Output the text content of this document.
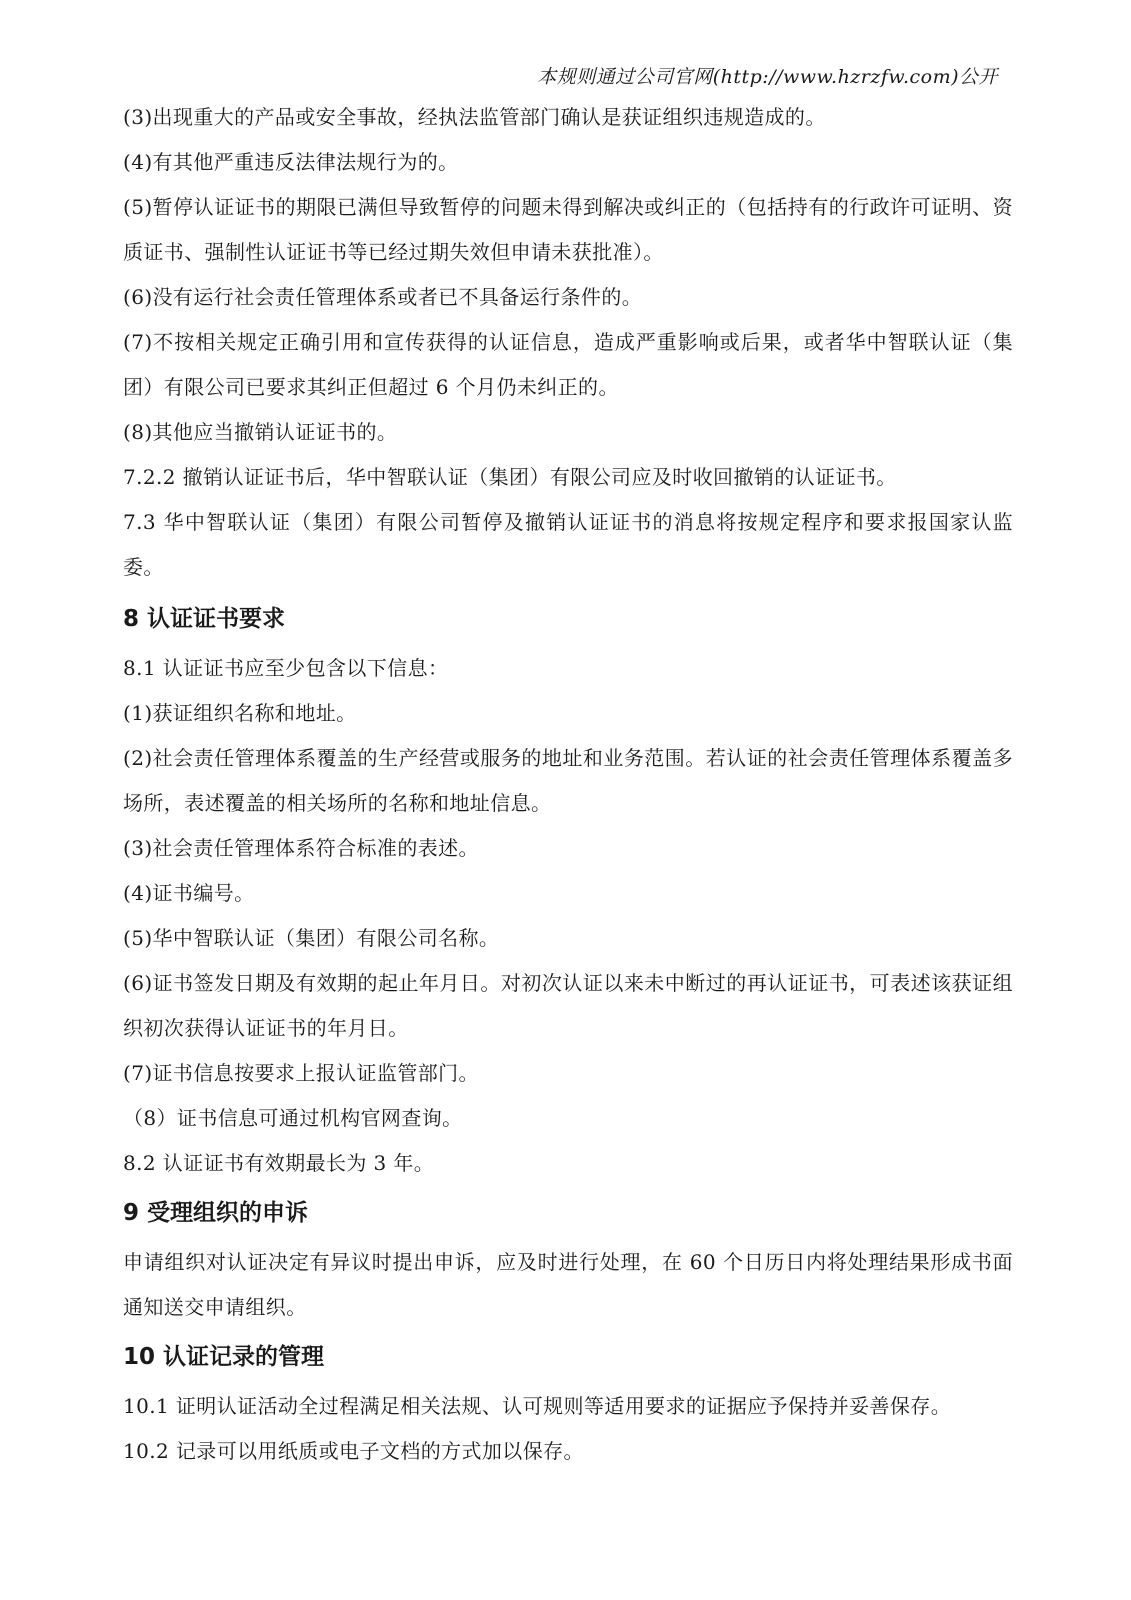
本规则通过公司官网(http://www.hzrzfw.com)公开

(3)出现重大的产品或安全事故，经执法监管部门确认是获证组织违规造成的。

(4)有其他严重违反法律法规行为的。

(5)暂停认证证书的期限已满但导致暂停的问题未得到解决或纠正的（包括持有的行政许可证明、资质证书、强制性认证证书等已经过期失效但申请未获批准）。

(6)没有运行社会责任管理体系或者已不具备运行条件的。

(7)不按相关规定正确引用和宣传获得的认证信息，造成严重影响或后果，或者华中智联认证（集团）有限公司已要求其纠正但超过 6 个月仍未纠正的。

(8)其他应当撤销认证证书的。

7.2.2 撤销认证证书后，华中智联认证（集团）有限公司应及时收回撤销的认证证书。

7.3 华中智联认证（集团）有限公司暂停及撤销认证证书的消息将按规定程序和要求报国家认监委。

8 认证证书要求

8.1 认证证书应至少包含以下信息：

(1)获证组织名称和地址。

(2)社会责任管理体系覆盖的生产经营或服务的地址和业务范围。若认证的社会责任管理体系覆盖多场所，表述覆盖的相关场所的名称和地址信息。

(3)社会责任管理体系符合标准的表述。

(4)证书编号。

(5)华中智联认证（集团）有限公司名称。

(6)证书签发日期及有效期的起止年月日。对初次认证以来未中断过的再认证证书，可表述该获证组织初次获得认证证书的年月日。

(7)证书信息按要求上报认证监管部门。

（8）证书信息可通过机构官网查询。

8.2 认证证书有效期最长为 3 年。

9 受理组织的申诉

申请组织对认证决定有异议时提出申诉，应及时进行处理，在 60 个日历日内将处理结果形成书面通知送交申请组织。

10 认证记录的管理

10.1 证明认证活动全过程满足相关法规、认可规则等适用要求的证据应予保持并妥善保存。

10.2 记录可以用纸质或电子文档的方式加以保存。
